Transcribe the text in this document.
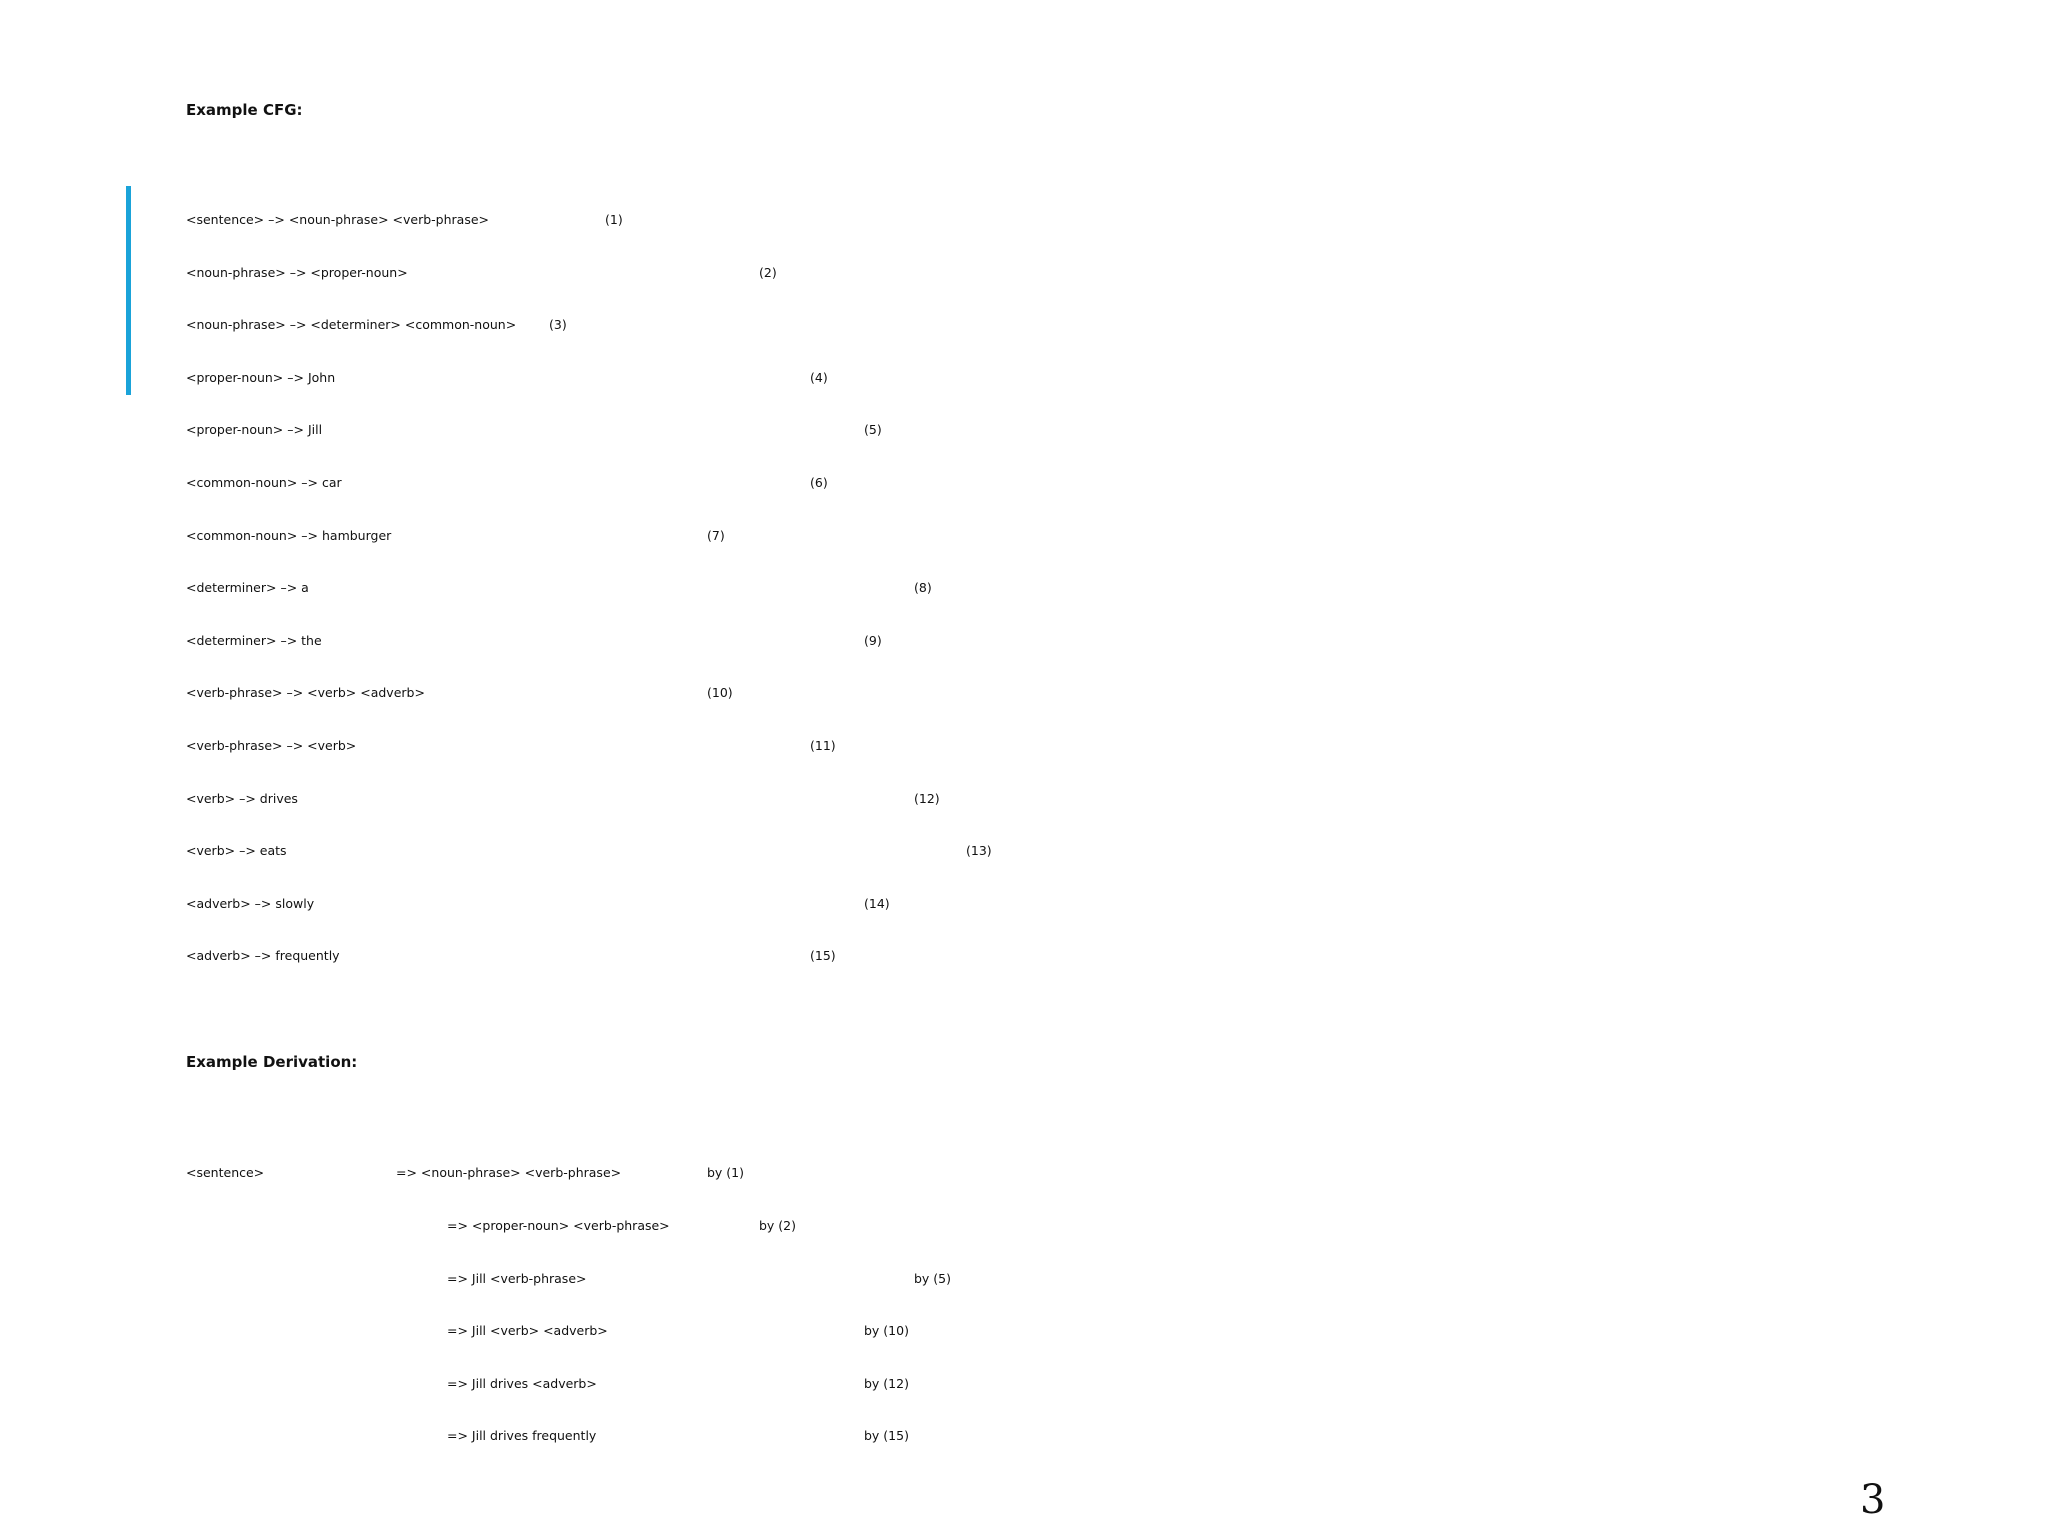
Example CFG:
<sentence> –> <noun-phrase> <verb-phrase>	(1)
<noun-phrase> –> <proper-noun>	(2)
<noun-phrase> –> <determiner> <common-noun>	(3)
<proper-noun> –> John	(4)
<proper-noun> –> Jill	(5)
<common-noun> –> car	(6)
<common-noun> –> hamburger	(7)
<determiner> –> a	(8)
<determiner> –> the	(9)
<verb-phrase> –> <verb> <adverb>	(10)
<verb-phrase> –> <verb>	(11)
<verb> –> drives	(12)
<verb> –> eats	(13)
<adverb> –> slowly	(14)
<adverb> –> frequently	(15)
Example Derivation:
<sentence>	=> <noun-phrase> <verb-phrase>	by (1)
=> <proper-noun> <verb-phrase>	by (2)
=> Jill <verb-phrase>	by (5)
=> Jill <verb> <adverb>	by (10)
=> Jill drives <adverb>	by (12)
=> Jill drives frequently	by (15)
3
